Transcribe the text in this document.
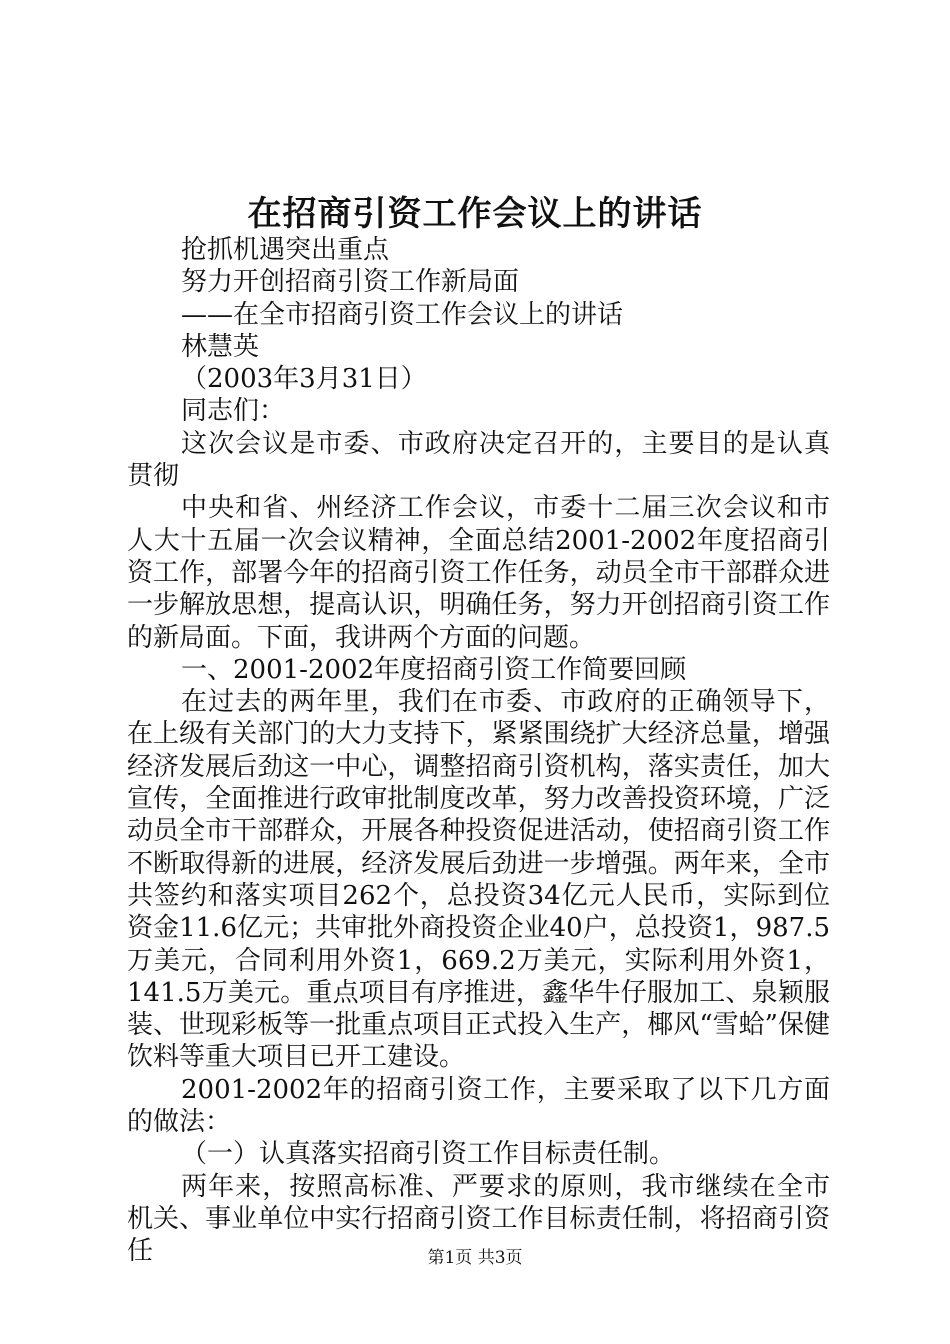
在招商引资工作会议上的讲话

抢抓机遇突出重点

努力开创招商引资工作新局面

——在全市招商引资工作会议上的讲话

林慧英

（2003年3月31日）

同志们：

这次会议是市委、市政府决定召开的，主要目的是认真贯彻

中央和省、州经济工作会议，市委十二届三次会议和市人大十五届一次会议精神，全面总结2001-2002年度招商引资工作，部署今年的招商引资工作任务，动员全市干部群众进一步解放思想，提高认识，明确任务，努力开创招商引资工作的新局面。下面，我讲两个方面的问题。

一、2001-2002年度招商引资工作简要回顾

在过去的两年里，我们在市委、市政府的正确领导下，在上级有关部门的大力支持下，紧紧围绕扩大经济总量，增强经济发展后劲这一中心，调整招商引资机构，落实责任，加大宣传，全面推进行政审批制度改革，努力改善投资环境，广泛动员全市干部群众，开展各种投资促进活动，使招商引资工作不断取得新的进展，经济发展后劲进一步增强。两年来，全市共签约和落实项目262个，总投资34亿元人民币，实际到位资金11.6亿元；共审批外商投资企业40户，总投资1，987.5万美元，合同利用外资1，669.2万美元，实际利用外资1，141.5万美元。重点项目有序推进，鑫华牛仔服加工、泉颖服装、世现彩板等一批重点项目正式投入生产，椰风“雪蛤”保健饮料等重大项目已开工建设。

2001-2002年的招商引资工作，主要采取了以下几方面的做法：

（一）认真落实招商引资工作目标责任制。

两年来，按照高标准、严要求的原则，我市继续在全市机关、事业单位中实行招商引资工作目标责任制，将招商引资任	第1页 共3页
